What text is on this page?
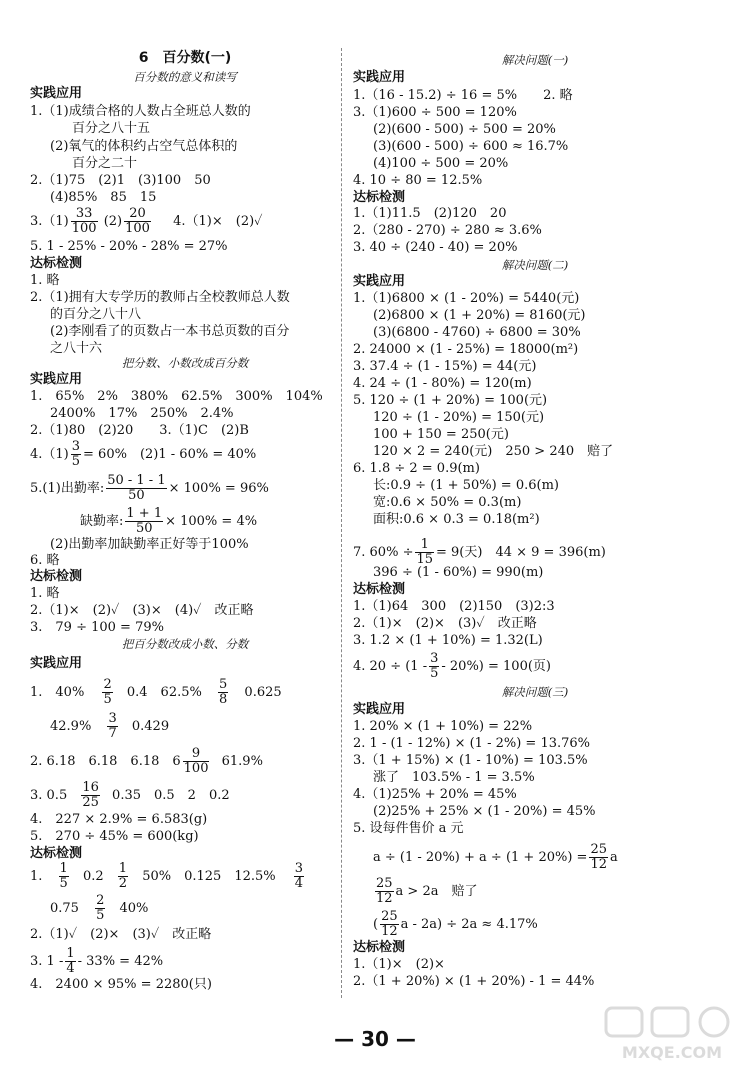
6　百分数(一)
百分数的意义和读写
实践应用
1.（1)成绩合格的人数占全班总人数的
百分之八十五
(2)氧气的体积约占空气总体积的
百分之二十
2.（1)75　(2)1　(3)100　50
(4)85%　85　15
$3.(1) \frac{33}{100} (2) \frac{20}{100} 4.(1)\times$　(2)✓
5. 1 - 25% - 20% - 28% = 27%
达标检测
1. 略
2.（1)拥有大专学历的教师占全校教师总人数
的百分之八十八
(2)李刚看了的页数占一本书总页数的百分
之八十六
把分数、小数改成百分数
实践应用
1.　65%　2%　380%　62.5%　300%　104%
2400%　17%　250%　2.4%
2.（1)80　(2)20　　3.（1)C　(2)B
$4.(1) \frac{3}{5} = 60\%$　(2)1 - 60% = 40%
5.(1)出勤率: $\frac{50 - 1 - 1}{50} \times 100\% = 96\%$
缺勤率: $\frac{1 + 1}{50} \times 100\% = 4\%$
(2)出勤率加缺勤率正好等于100%
6. 略
达标检测
1. 略
2.（1)×　(2)✓　(3)×　(4)✓　改正略
3.　79 ÷ 100 = 79%
把百分数改成小数、分数
实践应用
1.　$40\% \frac{2}{5} 0.4$　$62.5\% \frac{5}{8} 0.625$
$42.9\% \frac{3}{7} 0.429$
2. 6.18　6.18　6.18　$6 \frac{9}{100} 61.9\%$
3. $0.5 \frac{16}{25} 0.35$　0.5　2　0.2
4.　227 × 2.9% = 6.583(g)
5.　270 ÷ 45% = 600(kg)
达标检测
1. $\frac{1}{5} 0.2 \frac{1}{2} 50\%$　0.125　$12.5\% \frac{3}{4}$
$0.75 \frac{2}{5} 40\%$
2.（1)✓　(2)×　(3)✓　改正略
3. $1 - \frac{1}{4} - 33\% = 42\%$
4.　2400 × 95% = 2280(只)
解决问题(一)
实践应用
1.（16 - 15.2) ÷ 16 = 5%　　2. 略
3.（1)600 ÷ 500 = 120%
(2)(600 - 500) ÷ 500 = 20%
(3)(600 - 500) ÷ 600 ≈ 16.7%
(4)100 ÷ 500 = 20%
4. 10 ÷ 80 = 12.5%
达标检测
1.（1)11.5　(2)120　20
2.（280 - 270) ÷ 280 ≈ 3.6%
3. 40 ÷ (240 - 40) = 20%
解决问题(二)
实践应用
1.（1)6800 × (1 - 20%) = 5440(元)
(2)6800 × (1 + 20%) = 8160(元)
(3)(6800 - 4760) ÷ 6800 = 30%
2. 24000 × (1 - 25%) = 18000(m²)
3. 37.4 ÷ (1 - 15%) = 44(元)
4. 24 ÷ (1 - 80%) = 120(m)
5. 120 ÷ (1 + 20%) = 100(元)
120 ÷ (1 - 20%) = 150(元)
100 + 150 = 250(元)
120 × 2 = 240(元)　250 > 240　赔了
6. 1.8 ÷ 2 = 0.9(m)
长:0.9 ÷ (1 + 50%) = 0.6(m)
宽:0.6 × 50% = 0.3(m)
面积:0.6 × 0.3 = 0.18(m²)
7. $60\% \div \frac{1}{15} = 9$(天)　44 × 9 = 396(m)
396 ÷ (1 - 60%) = 990(m)
达标检测
1.（1)64　300　(2)150　(3)2:3
2.（1)×　(2)×　(3)✓　改正略
3. 1.2 × (1 + 10%) = 1.32(L)
4. $20 \div (1 - \frac{3}{5} - 20\%) = 100$(页)
解决问题(三)
实践应用
1. 20% × (1 + 10%) = 22%
2. 1 - (1 - 12%) × (1 - 2%) = 13.76%
3.（1 + 15%) × (1 - 10%) = 103.5%
涨了　103.5% - 1 = 3.5%
4.（1)25% + 20% = 45%
(2)25% + 25% × (1 - 20%) = 45%
5. 设每件售价 a 元
$a \div (1 - 20\%) + a \div (1 + 20\%) = \frac{25}{12}$ a
$\frac{25}{12}$ a > 2a　赔了
( $\frac{25}{12}$ a - 2a) ÷ 2a ≈ 4.17%
达标检测
1.（1)×　(2)×
2.（1 + 20%) × (1 + 20%) - 1 = 44%
— 30 —
MXQE.COM
